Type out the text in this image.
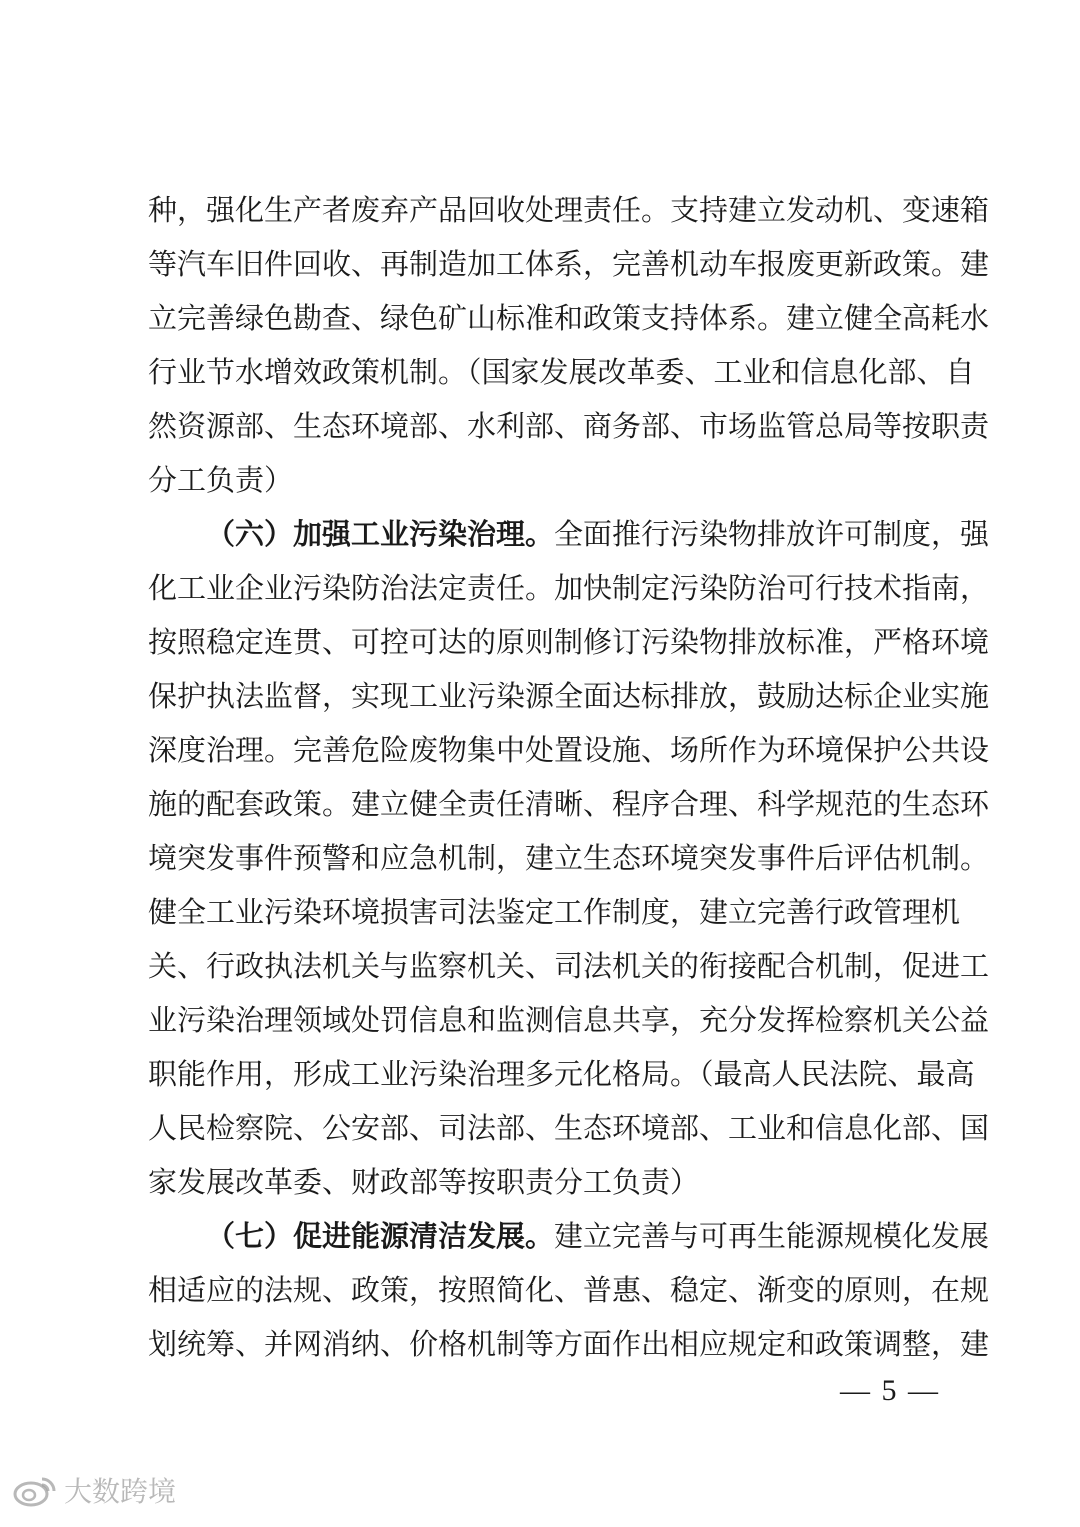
种，强化生产者废弃产品回收处理责任。支持建立发动机、变速箱
等汽车旧件回收、再制造加工体系，完善机动车报废更新政策。建
立完善绿色勘查、绿色矿山标准和政策支持体系。建立健全高耗水
行业节水增效政策机制。（国家发展改革委、工业和信息化部、自
然资源部、生态环境部、水利部、商务部、市场监管总局等按职责
分工负责）
（六）加强工业污染治理。全面推行污染物排放许可制度，强
化工业企业污染防治法定责任。加快制定污染防治可行技术指南，
按照稳定连贯、可控可达的原则制修订污染物排放标准，严格环境
保护执法监督，实现工业污染源全面达标排放，鼓励达标企业实施
深度治理。完善危险废物集中处置设施、场所作为环境保护公共设
施的配套政策。建立健全责任清晰、程序合理、科学规范的生态环
境突发事件预警和应急机制，建立生态环境突发事件后评估机制。
健全工业污染环境损害司法鉴定工作制度，建立完善行政管理机
关、行政执法机关与监察机关、司法机关的衔接配合机制，促进工
业污染治理领域处罚信息和监测信息共享，充分发挥检察机关公益
职能作用，形成工业污染治理多元化格局。（最高人民法院、最高
人民检察院、公安部、司法部、生态环境部、工业和信息化部、国
家发展改革委、财政部等按职责分工负责）
（七）促进能源清洁发展。建立完善与可再生能源规模化发展
相适应的法规、政策，按照简化、普惠、稳定、渐变的原则，在规
划统筹、并网消纳、价格机制等方面作出相应规定和政策调整，建
— 5 —
大数跨境
